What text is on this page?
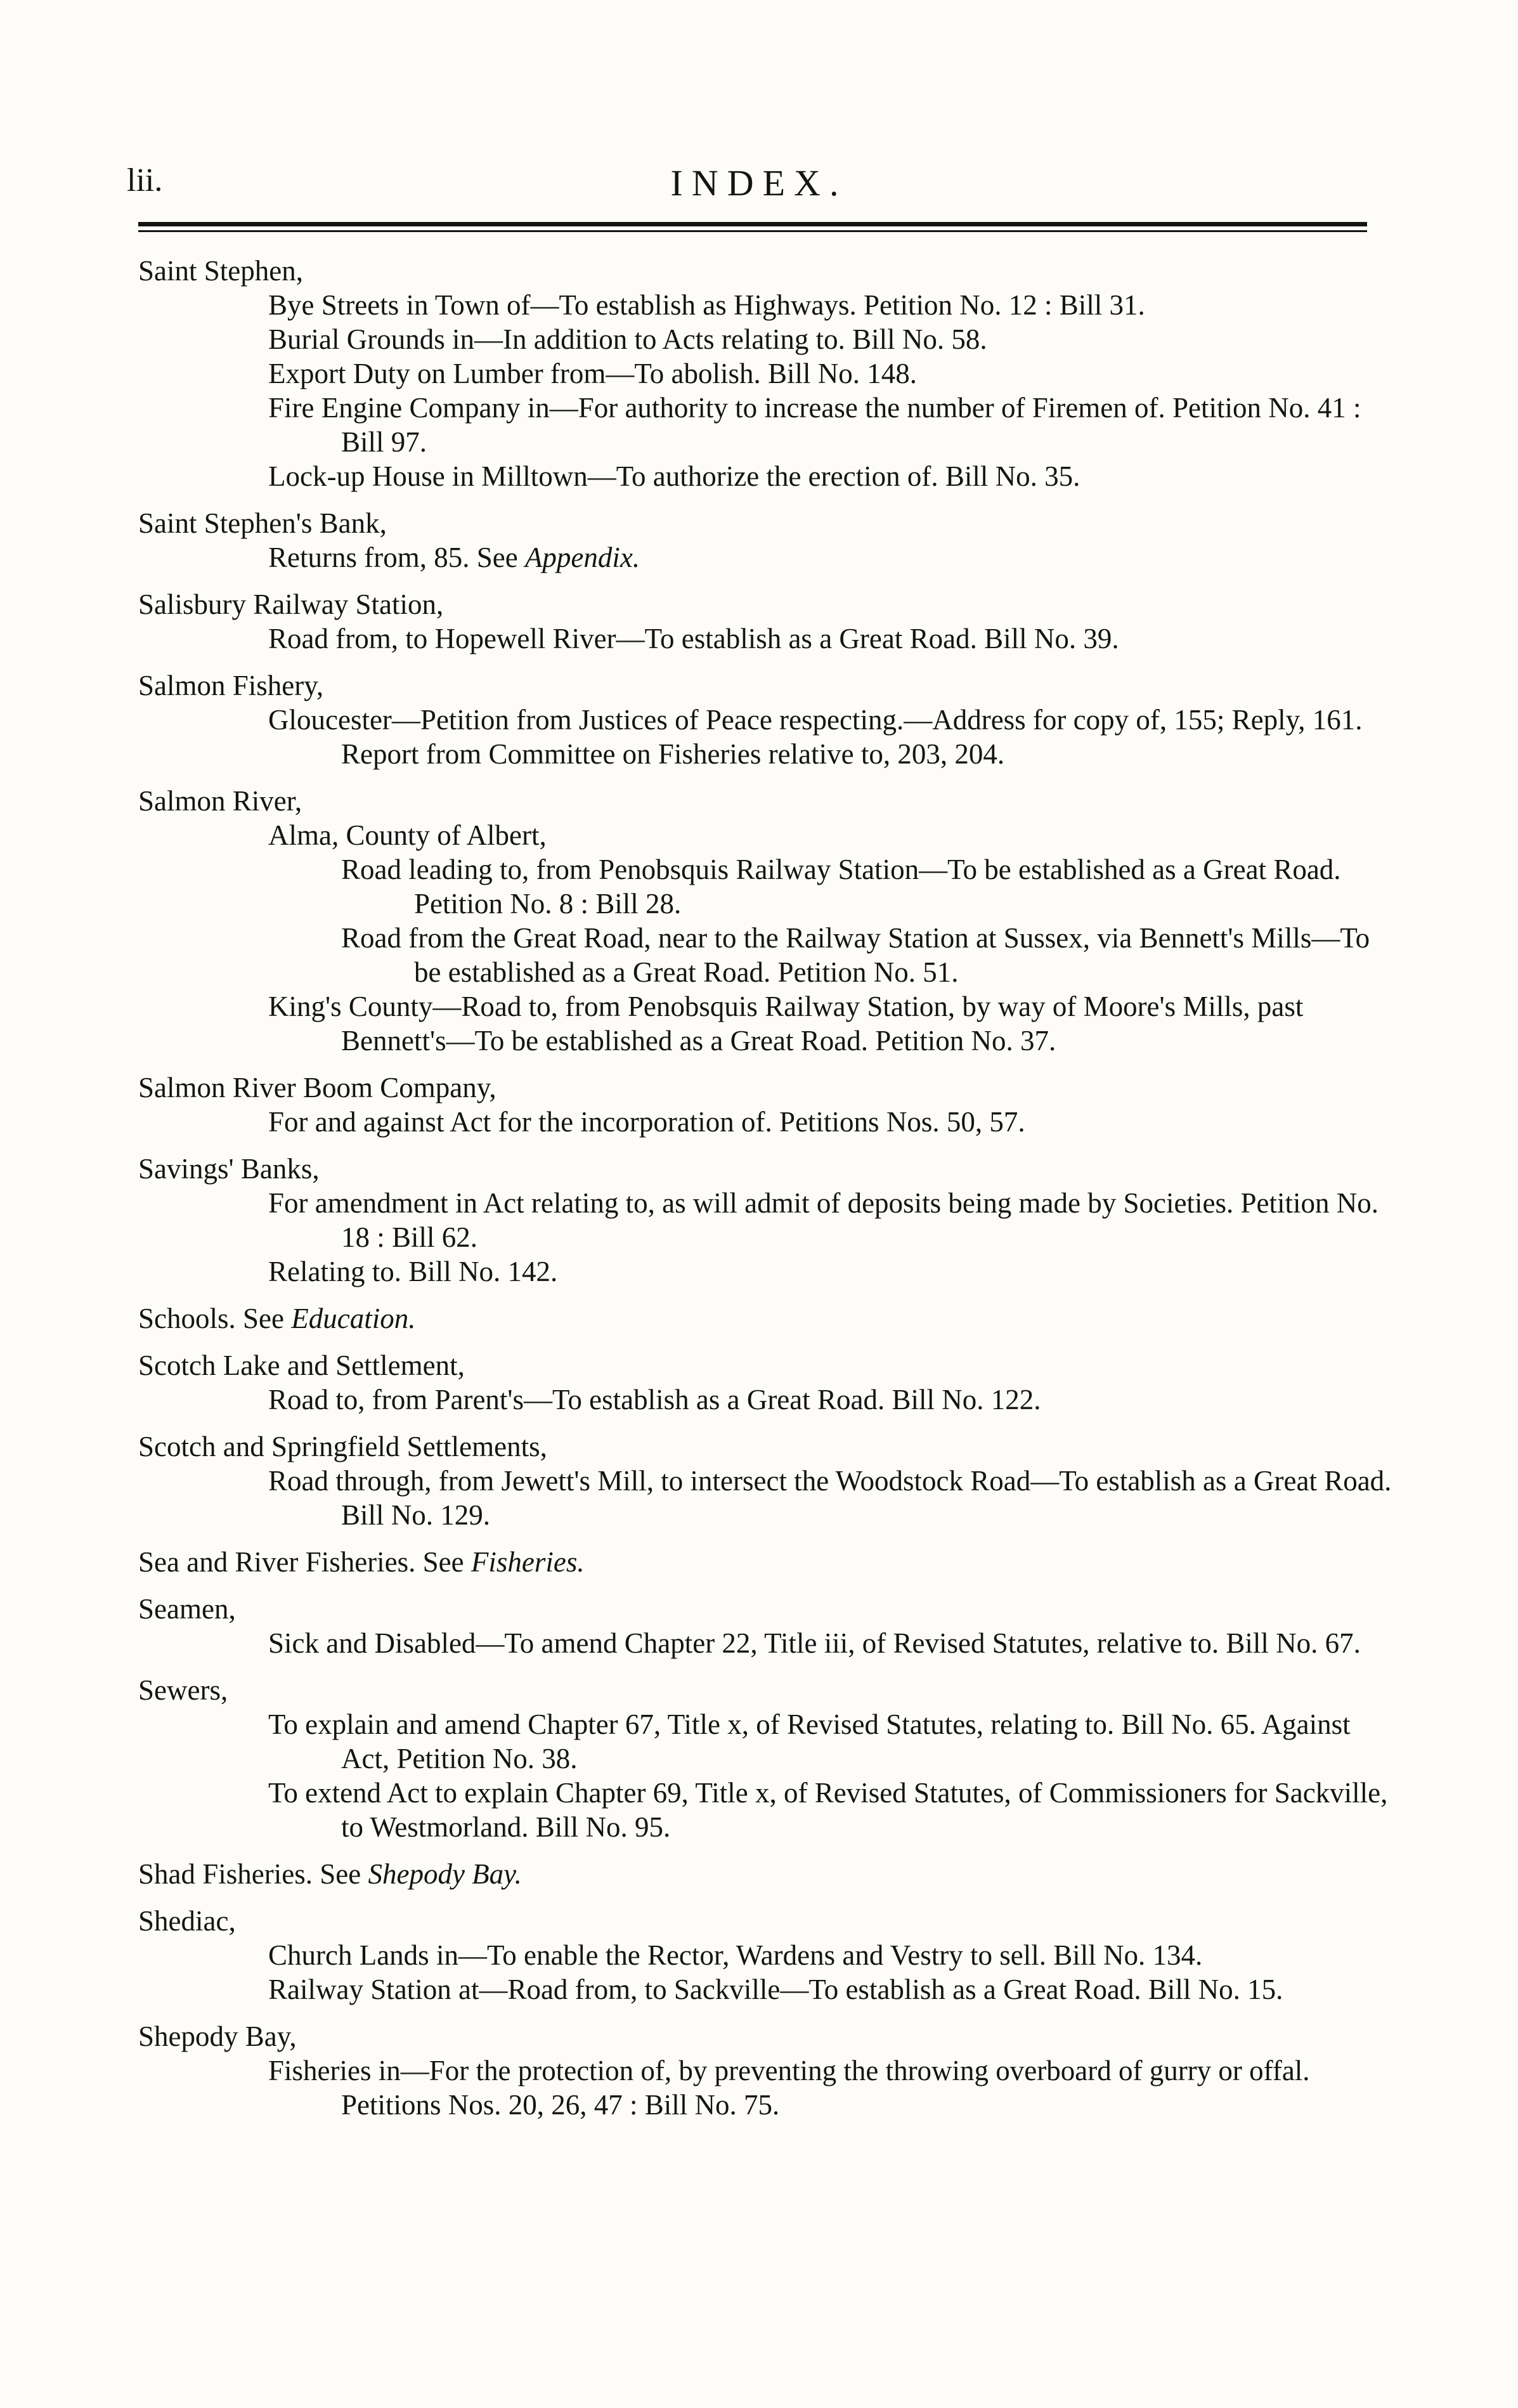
lii.	INDEX.
Saint Stephen,
Bye Streets in Town of—To establish as Highways. Petition No. 12 : Bill 31.
Burial Grounds in—In addition to Acts relating to. Bill No. 58.
Export Duty on Lumber from—To abolish. Bill No. 148.
Fire Engine Company in—For authority to increase the number of Firemen of. Petition No. 41 : Bill 97.
Lock-up House in Milltown—To authorize the erection of. Bill No. 35.
Saint Stephen's Bank,
Returns from, 85. See Appendix.
Salisbury Railway Station,
Road from, to Hopewell River—To establish as a Great Road. Bill No. 39.
Salmon Fishery,
Gloucester—Petition from Justices of Peace respecting.—Address for copy of, 155; Reply, 161. Report from Committee on Fisheries relative to, 203, 204.
Salmon River,
Alma, County of Albert,
Road leading to, from Penobsquis Railway Station—To be established as a Great Road. Petition No. 8 : Bill 28.
Road from the Great Road, near to the Railway Station at Sussex, via Bennett's Mills—To be established as a Great Road. Petition No. 51.
King's County—Road to, from Penobsquis Railway Station, by way of Moore's Mills, past Bennett's—To be established as a Great Road. Petition No. 37.
Salmon River Boom Company,
For and against Act for the incorporation of. Petitions Nos. 50, 57.
Savings' Banks,
For amendment in Act relating to, as will admit of deposits being made by Societies. Petition No. 18 : Bill 62.
Relating to. Bill No. 142.
Schools. See Education.
Scotch Lake and Settlement,
Road to, from Parent's—To establish as a Great Road. Bill No. 122.
Scotch and Springfield Settlements,
Road through, from Jewett's Mill, to intersect the Woodstock Road—To establish as a Great Road. Bill No. 129.
Sea and River Fisheries. See Fisheries.
Seamen,
Sick and Disabled—To amend Chapter 22, Title iii, of Revised Statutes, relative to. Bill No. 67.
Sewers,
To explain and amend Chapter 67, Title x, of Revised Statutes, relating to. Bill No. 65. Against Act, Petition No. 38.
To extend Act to explain Chapter 69, Title x, of Revised Statutes, of Commissioners for Sackville, to Westmorland. Bill No. 95.
Shad Fisheries. See Shepody Bay.
Shediac,
Church Lands in—To enable the Rector, Wardens and Vestry to sell. Bill No. 134.
Railway Station at—Road from, to Sackville—To establish as a Great Road. Bill No. 15.
Shepody Bay,
Fisheries in—For the protection of, by preventing the throwing overboard of gurry or offal. Petitions Nos. 20, 26, 47 : Bill No. 75.
